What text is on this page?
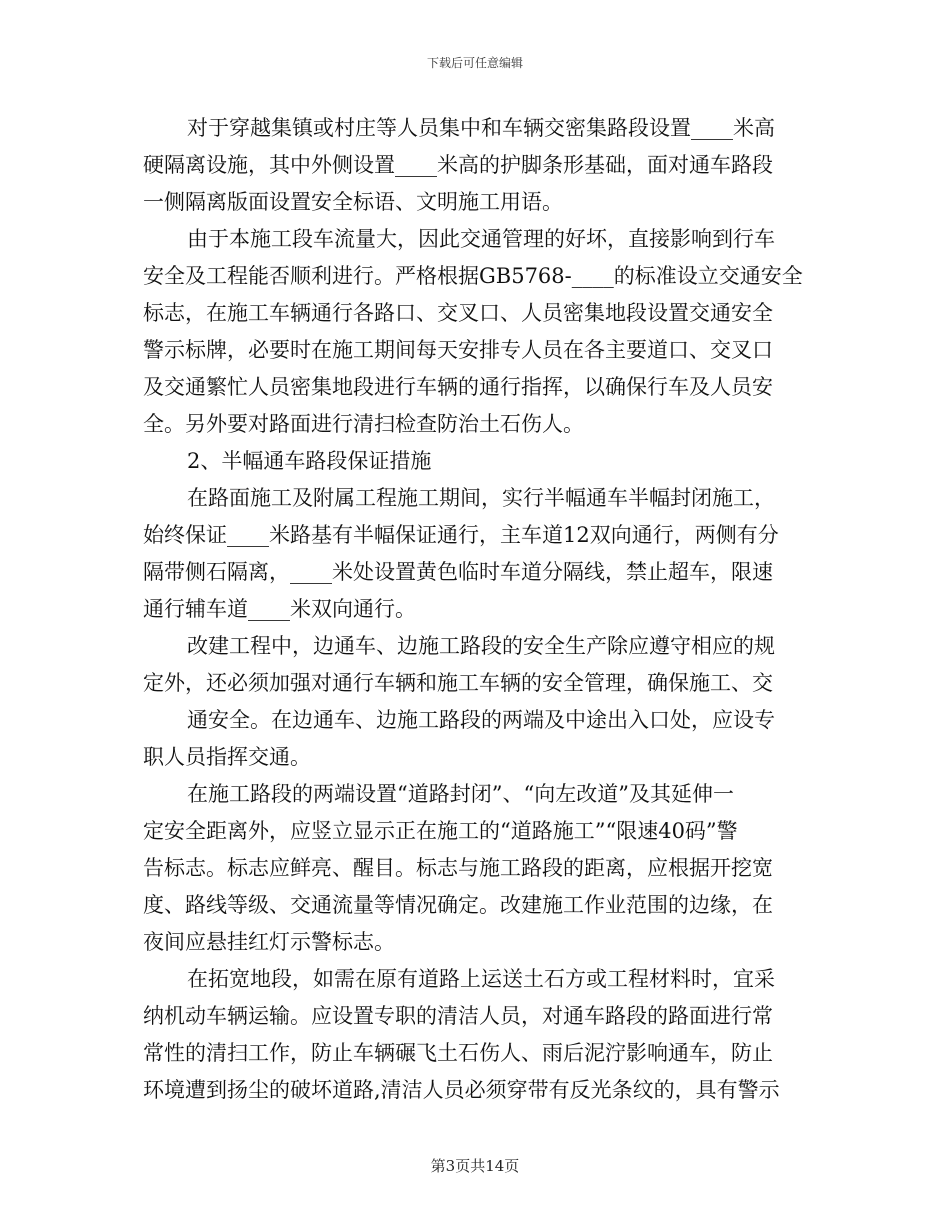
下载后可任意编辑
对于穿越集镇或村庄等人员集中和车辆交密集路段设置____米高
硬隔离设施，其中外侧设置____米高的护脚条形基础，面对通车路段
一侧隔离版面设置安全标语、文明施工用语。
由于本施工段车流量大，因此交通管理的好坏，直接影响到行车
安全及工程能否顺利进行。严格根据GB5768-____的标准设立交通安全
标志，在施工车辆通行各路口、交叉口、人员密集地段设置交通安全
警示标牌，必要时在施工期间每天安排专人员在各主要道口、交叉口
及交通繁忙人员密集地段进行车辆的通行指挥，以确保行车及人员安
全。另外要对路面进行清扫检查防治土石伤人。
2、半幅通车路段保证措施
在路面施工及附属工程施工期间，实行半幅通车半幅封闭施工，
始终保证____米路基有半幅保证通行，主车道12双向通行，两侧有分
隔带侧石隔离，____米处设置黄色临时车道分隔线，禁止超车，限速
通行辅车道____米双向通行。
改建工程中，边通车、边施工路段的安全生产除应遵守相应的规
定外，还必须加强对通行车辆和施工车辆的安全管理，确保施工、交
通安全。在边通车、边施工路段的两端及中途出入口处，应设专
职人员指挥交通。
在施工路段的两端设置“道路封闭”、“向左改道”及其延伸一
定安全距离外，应竖立显示正在施工的“道路施工”“限速40码”警
告标志。标志应鲜亮、醒目。标志与施工路段的距离，应根据开挖宽
度、路线等级、交通流量等情况确定。改建施工作业范围的边缘，在
夜间应悬挂红灯示警标志。
在拓宽地段，如需在原有道路上运送土石方或工程材料时，宜采
纳机动车辆运输。应设置专职的清洁人员，对通车路段的路面进行常
常性的清扫工作，防止车辆碾飞土石伤人、雨后泥泞影响通车，防止
环境遭到扬尘的破坏道路,清洁人员必须穿带有反光条纹的，具有警示
第3页共14页
